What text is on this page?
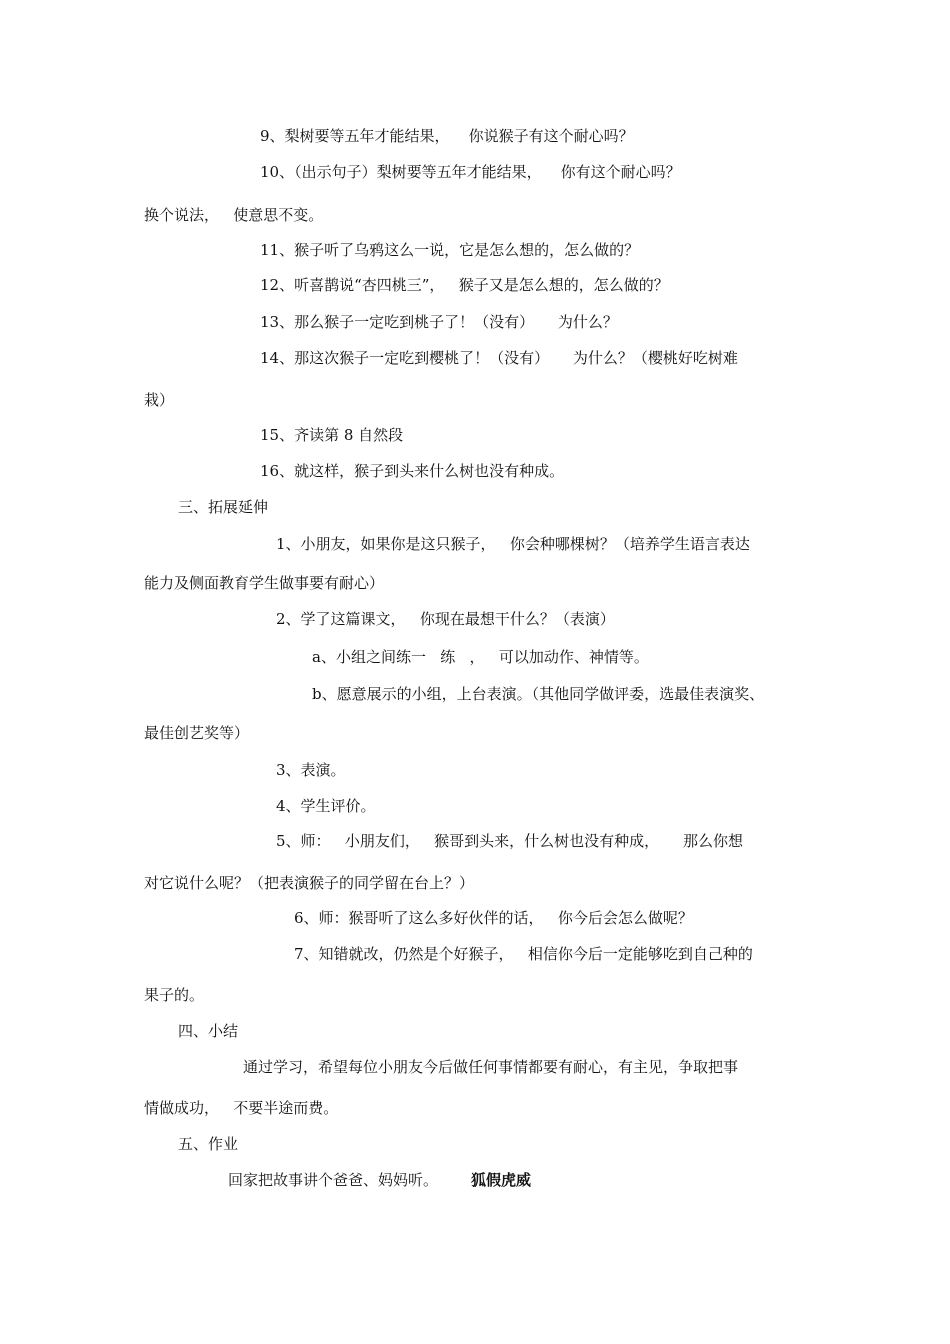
9、梨树要等五年才能结果，    你说猴子有这个耐心吗？
10、（出示句子）梨树要等五年才能结果，    你有这个耐心吗？
换个说法，   使意思不变。
11、猴子听了乌鸦这么一说，它是怎么想的，怎么做的？
12、听喜鹊说“杏四桃三”，   猴子又是怎么想的，怎么做的？
13、那么猴子一定吃到桃子了！（没有）     为什么？
14、那这次猴子一定吃到樱桃了！（没有）     为什么？（樱桃好吃树难
栽）
15、齐读第 8 自然段
16、就这样，猴子到头来什么树也没有种成。
三、拓展延伸
1、小朋友，如果你是这只猴子，   你会种哪棵树？（培养学生语言表达
能力及侧面教育学生做事要有耐心）
2、学了这篇课文，   你现在最想干什么？（表演）
a、小组之间练一   练   ，   可以加动作、神情等。
b、愿意展示的小组，上台表演。（其他同学做评委，选最佳表演奖、
最佳创艺奖等）
3、表演。
4、学生评价。
5、师：   小朋友们，   猴哥到头来，什么树也没有种成，     那么你想
对它说什么呢？（把表演猴子的同学留在台上？）
6、师：猴哥听了这么多好伙伴的话，   你今后会怎么做呢？
7、知错就改，仍然是个好猴子，   相信你今后一定能够吃到自己种的
果子的。
四、小结
通过学习，希望每位小朋友今后做任何事情都要有耐心，有主见，争取把事
情做成功，   不要半途而费。
五、作业
回家把故事讲个爸爸、妈妈听。 狐假虎威
